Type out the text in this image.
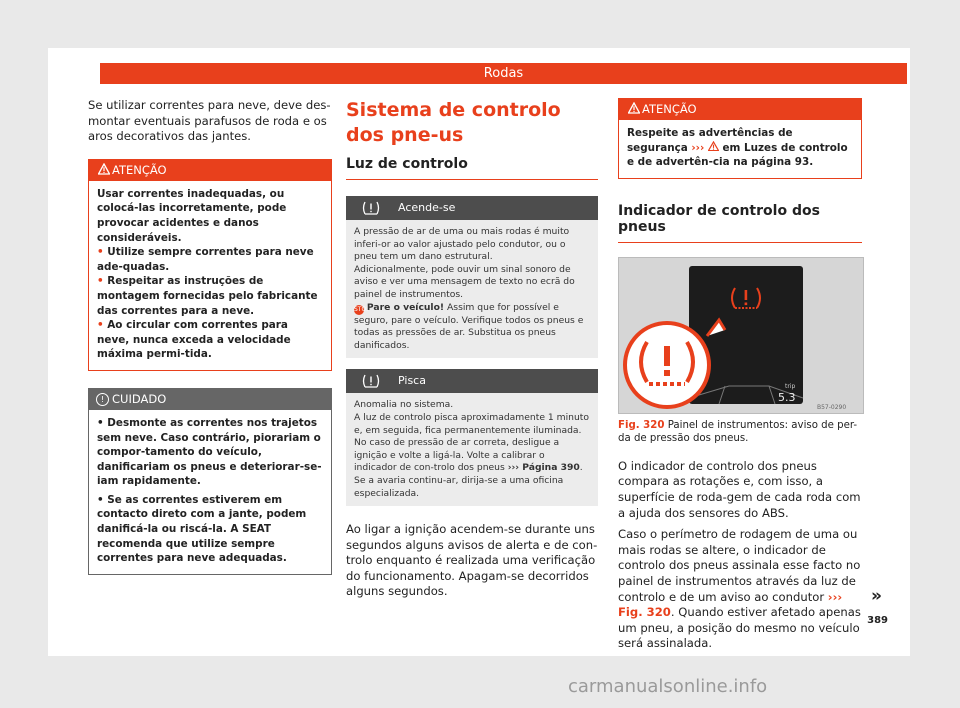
Rodas

Se utilizar correntes para neve, deve des-montar eventuais parafusos de roda e os aros decorativos das jantes.

ATENÇÃO
Usar correntes inadequadas, ou colocá-las incorretamente, pode provocar acidentes e danos consideráveis.
• Utilize sempre correntes para neve ade-quadas.
• Respeitar as instruções de montagem fornecidas pelo fabricante das correntes para a neve.
• Ao circular com correntes para neve, nunca exceda a velocidade máxima permi-tida.
! CUIDADO
• Desmonte as correntes nos trajetos sem neve. Caso contrário, piorariam o compor-tamento do veículo, danificariam os pneus e deteriorar-se-iam rapidamente.
• Se as correntes estiverem em contacto direto com a jante, podem danificá-la ou riscá-la. A SEAT recomenda que utilize sempre correntes para neve adequadas.
Sistema de controlo dos pne-us
Luz de controlo
Acende-se
A pressão de ar de uma ou mais rodas é muito inferi-or ao valor ajustado pelo condutor, ou o pneu tem um dano estrutural.
Adicionalmente, pode ouvir um sinal sonoro de aviso e ver uma mensagem de texto no ecrã do painel de instrumentos.
STOP Pare o veículo! Assim que for possível e seguro, pare o veículo. Verifique todos os pneus e todas as pressões de ar. Substitua os pneus danificados.
Pisca
Anomalia no sistema.
A luz de controlo pisca aproximadamente 1 minuto e, em seguida, fica permanentemente iluminada.
No caso de pressão de ar correta, desligue a ignição e volte a ligá-la. Volte a calibrar o indicador de con-trolo dos pneus ››› Página 390. Se a avaria continu-ar, dirija-se a uma oficina especializada.

Ao ligar a ignição acendem-se durante uns segundos alguns avisos de alerta e de con-trolo enquanto é realizada uma verificação do funcionamento. Apagam-se decorridos alguns segundos.

ATENÇÃO
Respeite as advertências de segurança ›››  em Luzes de controlo e de advertên-cia na página 93.
Indicador de controlo dos pneus
trip
5.3
B57-0290
Fig. 320 Painel de instrumentos: aviso de per-da de pressão dos pneus.

O indicador de controlo dos pneus compara as rotações e, com isso, a superfície de roda-gem de cada roda com a ajuda dos sensores do ABS.

Caso o perímetro de rodagem de uma ou mais rodas se altere, o indicador de controlo dos pneus assinala esse facto no painel de instrumentos através da luz de controlo e de um aviso ao condutor ››› Fig. 320. Quando estiver afetado apenas um pneu, a posição do mesmo no veículo será assinalada.

»
389
carmanualsonline.info
